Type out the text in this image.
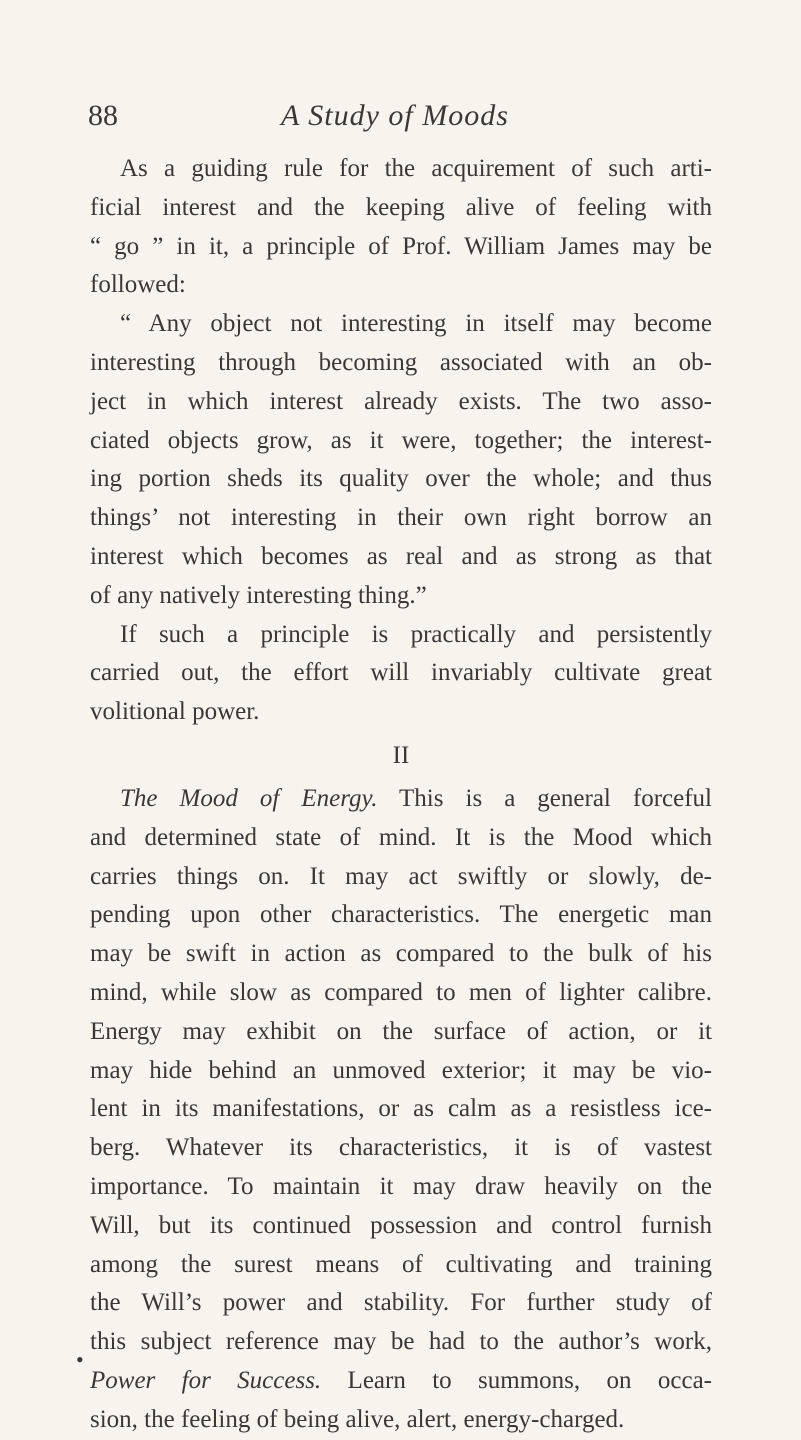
88	A Study of Moods
As a guiding rule for the acquirement of such arti-
ficial interest and the keeping alive of feeling with
“ go ” in it, a principle of Prof. William James may be
followed:
“ Any object not interesting in itself may become
interesting through becoming associated with an ob-
ject in which interest already exists. The two asso-
ciated objects grow, as it were, together; the interest-
ing portion sheds its quality over the whole; and thus
things’ not interesting in their own right borrow an
interest which becomes as real and as strong as that
of any natively interesting thing.”
If such a principle is practically and persistently
carried out, the effort will invariably cultivate great
volitional power.
II
The Mood of Energy. This is a general forceful
and determined state of mind. It is the Mood which
carries things on. It may act swiftly or slowly, de-
pending upon other characteristics. The energetic man
may be swift in action as compared to the bulk of his
mind, while slow as compared to men of lighter calibre.
Energy may exhibit on the surface of action, or it
may hide behind an unmoved exterior; it may be vio-
lent in its manifestations, or as calm as a resistless ice-
berg. Whatever its characteristics, it is of vastest
importance. To maintain it may draw heavily on the
Will, but its continued possession and control furnish
among the surest means of cultivating and training
the Will’s power and stability. For further study of
this subject reference may be had to the author’s work,
Power for Success. Learn to summons, on occa-
sion, the feeling of being alive, alert, energy-charged.
•
